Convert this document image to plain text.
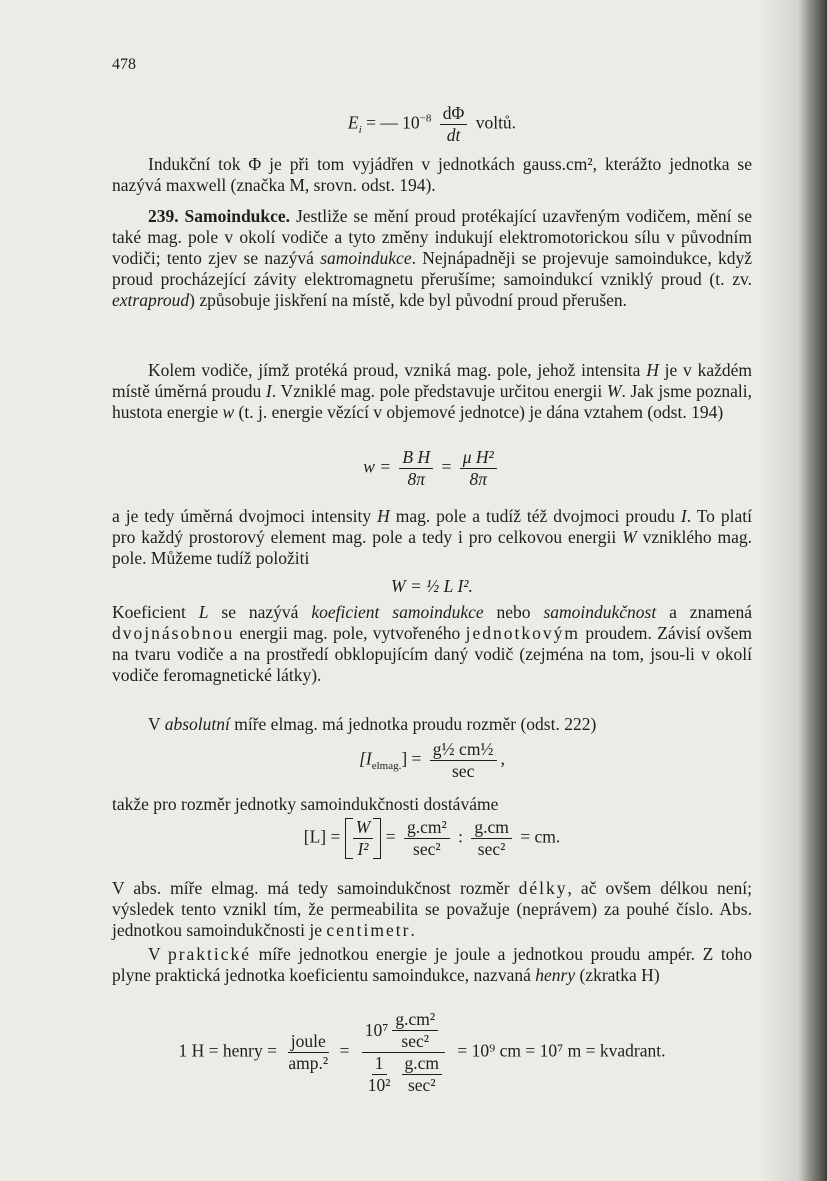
478
$E_i$ = — $10^{-8} \frac{d\Phi}{dt}$ voltů.

Indukční tok Φ je při tom vyjádřen v jednotkách gauss.cm², kterážto jednotka se nazývá maxwell (značka M, srovn. odst. 194).

239. Samoindukce. Jestliže se mění proud protékající uzavřeným vodičem, mění se také mag. pole v okolí vodiče a tyto změny indukují elektromotorickou sílu v původním vodiči; tento zjev se nazývá samoindukce. Nejnápadněji se projevuje samoindukce, když proud procházející závity elektromagnetu přerušíme; samoindukcí vzniklý proud (t. zv. extraproud) způsobuje jiskření na místě, kde byl původní proud přerušen.

Kolem vodiče, jímž protéká proud, vzniká mag. pole, jehož intensita H je v každém místě úměrná proudu I. Vzniklé mag. pole představuje určitou energii W. Jak jsme poznali, hustota energie w (t. j. energie vězící v objemové jednotce) je dána vztahem (odst. 194)

$w = \frac{\text{B H}}{8\pi} = \frac{\text{μ H²}}{8\pi}$

a je tedy úměrná dvojmoci intensity H mag. pole a tudíž též dvojmoci proudu I. To platí pro každý prostorový element mag. pole a tedy i pro celkovou energii W vzniklého mag. pole. Můžeme tudíž položiti

W = ½ L I².

Koeficient L se nazývá koeficient samoindukce nebo samoindukčnost a znamená dvojnásobnou energii mag. pole, vytvořeného jednotkovým proudem. Závisí ovšem na tvaru vodiče a na prostředí obklopujícím daný vodič (zejména na tom, jsou-li v okolí vodiče feromagnetické látky).

V absolutní míře elmag. má jednotka proudu rozměr (odst. 222)

$[I_{elmag.}] = \frac{\text{g½ cm½}}{\sec}$ ,

takže pro rozměr jednotky samoindukčnosti dostáváme

$[L] = \frac{W}{\text{I²}} = \frac{\text{g.cm²}}{\text{sec²}}$ : $\frac{g.cm}{\text{sec²}}$ = cm.

V abs. míře elmag. má tedy samoindukčnost rozměr délky, ač ovšem délkou není; výsledek tento vznikl tím, že permeabilita se považuje (neprávem) za pouhé číslo. Abs. jednotkou samoindukčnosti je centimetr.

V praktické míře jednotkou energie je joule a jednotkou proudu ampér. Z toho plyne praktická jednotka koeficientu samoindukce, nazvaná henry (zkratka H)

1 H = henry = $\frac{\text{joule}}{\text{amp.²}} = \frac{10^7 \frac{\text{g.cm²}}{\text{sec²}}}{\frac{1}{\text{10²}} \frac{g.cm}{\text{sec²}}} = 10^9$ cm = 10⁷ m = kvadrant.
